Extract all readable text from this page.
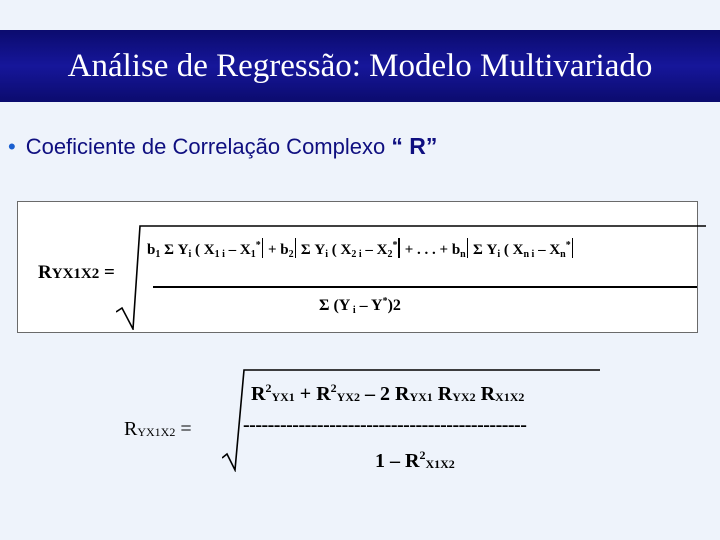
Análise de Regressão: Modelo Multivariado
• Coeficiente de Correlação Complexo “ R”
RYX1X2 =
$b_1$ Σ $Y_i$ ( $X_{1 i} - X_1^* + b_2$ Σ $Y_i$ ( $X_{2 i} - X_2^*$ + . . . + $b_n$ Σ $Y_i$ ( $X_{n i} - X_n^*$
Σ (Y $_i$ – Y*)2
RYX1X2 =
$R^2YX1 + R^2YX2 - 2$ RYX1 RYX2 RX1X2
----------------------------------------------
$1 - R^2X1X2$
